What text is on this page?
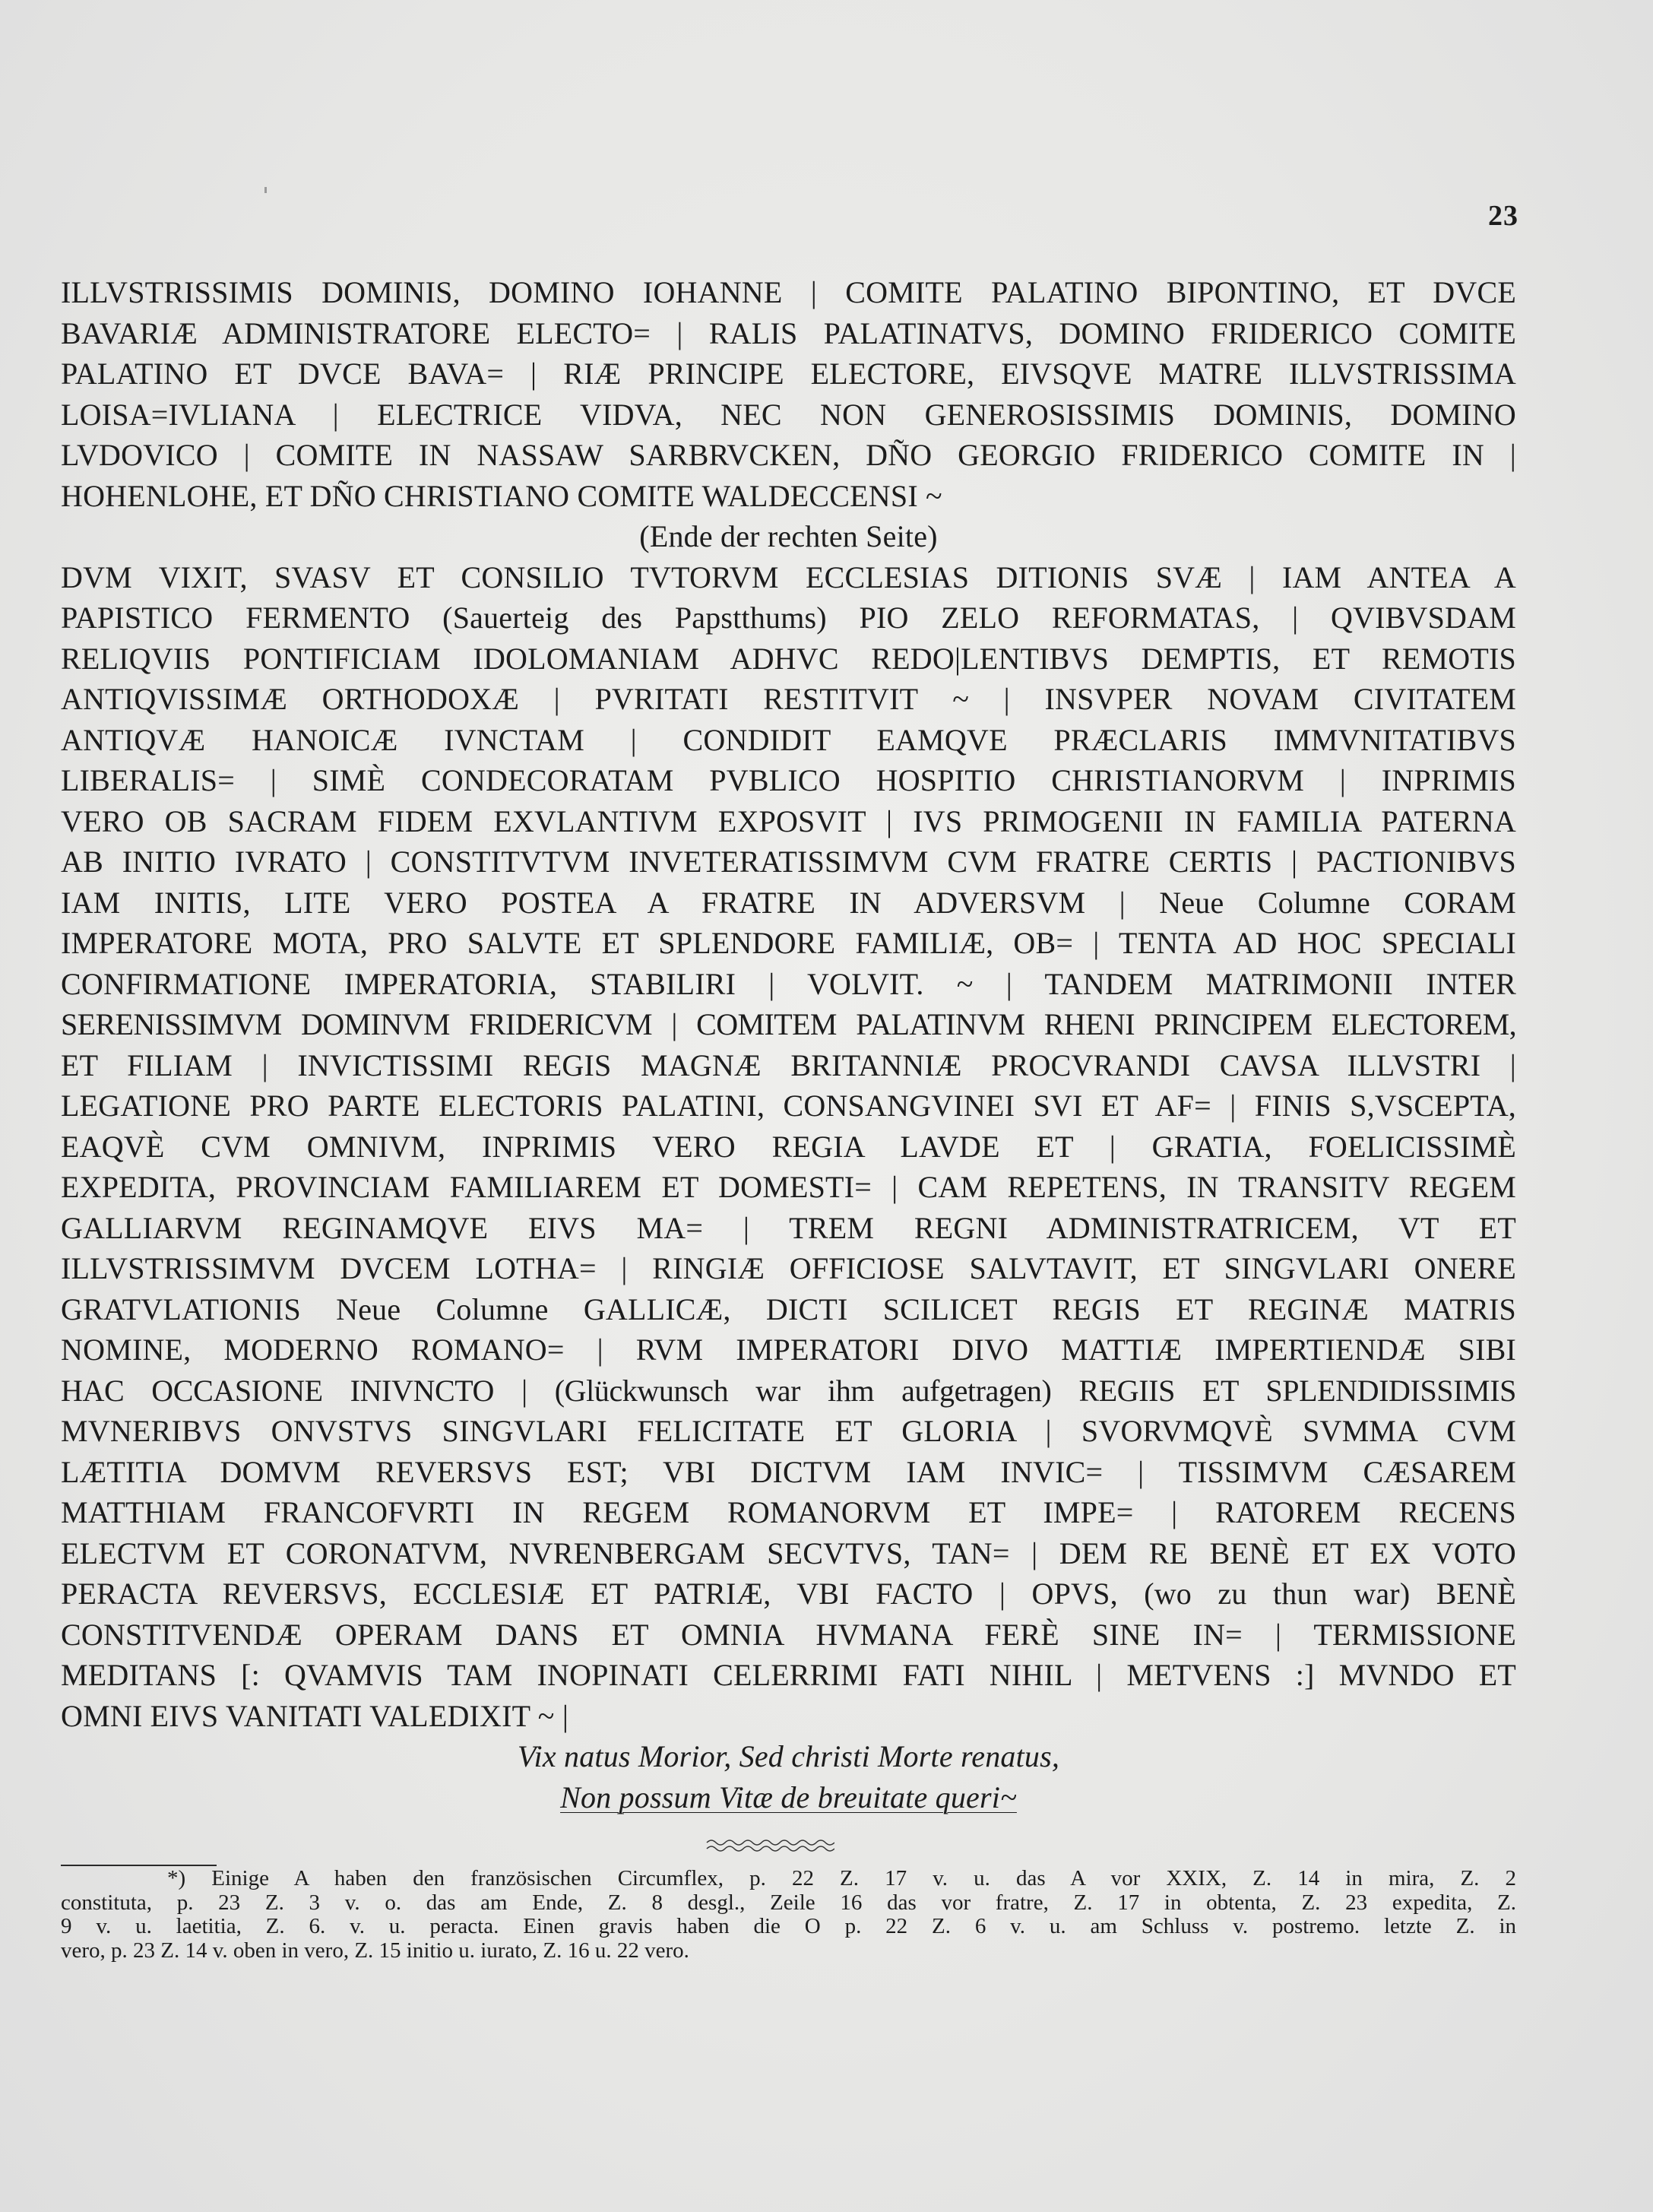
23
ILLVSTRISSIMIS DOMINIS, DOMINO IOHANNE | COMITE PALATINO BIPONTINO, ET DVCE
BAVARIÆ ADMINISTRATORE ELECTO= | RALIS PALATINATVS, DOMINO FRIDERICO COMITE
PALATINO ET DVCE BAVA= | RIÆ PRINCIPE ELECTORE, EIVSQVE MATRE ILLVSTRISSIMA
LOISA=IVLIANA | ELECTRICE VIDVA, NEC NON GENEROSISSIMIS DOMINIS, DOMINO
LVDOVICO | COMITE IN NASSAW SARBRVCKEN, DÑO GEORGIO FRIDERICO COMITE IN |
HOHENLOHE, ET DÑO CHRISTIANO COMITE WALDECCENSI ~
(Ende der rechten Seite)
DVM VIXIT, SVASV ET CONSILIO TVTORVM ECCLESIAS DITIONIS SVÆ | IAM ANTEA A
PAPISTICO FERMENTO (Sauerteig des Papstthums) PIO ZELO REFORMATAS, | QVIBVSDAM
RELIQVIIS PONTIFICIAM IDOLOMANIAM ADHVC REDO|LENTIBVS DEMPTIS, ET REMOTIS
ANTIQVISSIMÆ ORTHODOXÆ | PVRITATI RESTITVIT ~ | INSVPER NOVAM CIVITATEM
ANTIQVÆ HANOICÆ IVNCTAM | CONDIDIT EAMQVE PRÆCLARIS IMMVNITATIBVS
LIBERALIS= | SIMÈ CONDECORATAM PVBLICO HOSPITIO CHRISTIANORVM | INPRIMIS
VERO OB SACRAM FIDEM EXVLANTIVM EXPOSVIT | IVS PRIMOGENII IN FAMILIA PATERNA
AB INITIO IVRATO | CONSTITVTVM INVETERATISSIMVM CVM FRATRE CERTIS | PACTIONIBVS
IAM INITIS, LITE VERO POSTEA A FRATRE IN ADVERSVM | Neue Columne CORAM
IMPERATORE MOTA, PRO SALVTE ET SPLENDORE FAMILIÆ, OB= | TENTA AD HOC SPECIALI
CONFIRMATIONE IMPERATORIA, STABILIRI | VOLVIT. ~ | TANDEM MATRIMONII INTER
SERENISSIMVM DOMINVM FRIDERICVM | COMITEM PALATINVM RHENI PRINCIPEM ELECTOREM,
ET FILIAM | INVICTISSIMI REGIS MAGNÆ BRITANNIÆ PROCVRANDI CAVSA ILLVSTRI |
LEGATIONE PRO PARTE ELECTORIS PALATINI, CONSANGVINEI SVI ET AF= | FINIS S,VSCEPTA,
EAQVÈ CVM OMNIVM, INPRIMIS VERO REGIA LAVDE ET | GRATIA, FOELICISSIMÈ
EXPEDITA, PROVINCIAM FAMILIAREM ET DOMESTI= | CAM REPETENS, IN TRANSITV REGEM
GALLIARVM REGINAMQVE EIVS MA= | TREM REGNI ADMINISTRATRICEM, VT ET
ILLVSTRISSIMVM DVCEM LOTHA= | RINGIÆ OFFICIOSE SALVTAVIT, ET SINGVLARI ONERE
GRATVLATIONIS Neue Columne GALLICÆ, DICTI SCILICET REGIS ET REGINÆ MATRIS
NOMINE, MODERNO ROMANO= | RVM IMPERATORI DIVO MATTIÆ IMPERTIENDÆ SIBI
HAC OCCASIONE INIVNCTO | (Glückwunsch war ihm aufgetragen) REGIIS ET SPLENDIDISSIMIS
MVNERIBVS ONVSTVS SINGVLARI FELICITATE ET GLORIA | SVORVMQVÈ SVMMA CVM
LÆTITIA DOMVM REVERSVS EST; VBI DICTVM IAM INVIC= | TISSIMVM CÆSAREM
MATTHIAM FRANCOFVRTI IN REGEM ROMANORVM ET IMPE= | RATOREM RECENS
ELECTVM ET CORONATVM, NVRENBERGAM SECVTVS, TAN= | DEM RE BENÈ ET EX VOTO
PERACTA REVERSVS, ECCLESIÆ ET PATRIÆ, VBI FACTO | OPVS, (wo zu thun war) BENÈ
CONSTITVENDÆ OPERAM DANS ET OMNIA HVMANA FERÈ SINE IN= | TERMISSIONE
MEDITANS [: QVAMVIS TAM INOPINATI CELERRIMI FATI NIHIL | METVENS :] MVNDO ET
OMNI EIVS VANITATI VALEDIXIT ~ |
Vix natus Morior, Sed christi Morte renatus,
Non possum Vitæ de breuitate queri~
*) Einige A haben den französischen Circumflex, p. 22 Z. 17 v. u. das A vor XXIX, Z. 14 in mira, Z. 2
constituta, p. 23 Z. 3 v. o. das am Ende, Z. 8 desgl., Zeile 16 das vor fratre, Z. 17 in obtenta, Z. 23 expedita, Z.
9 v. u. laetitia, Z. 6. v. u. peracta. Einen gravis haben die O p. 22 Z. 6 v. u. am Schluss v. postremo. letzte Z. in
vero, p. 23 Z. 14 v. oben in vero, Z. 15 initio u. iurato, Z. 16 u. 22 vero.
